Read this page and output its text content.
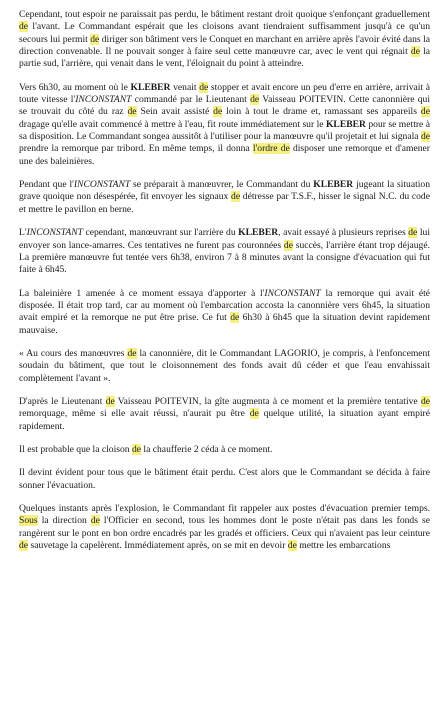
Cependant, tout espoir ne paraissait pas perdu, le bâtiment restant droit quoique s'enfonçant graduellement de l'avant. Le Commandant espérait que les cloisons avant tiendraient suffisamment jusqu'à ce qu'un secours lui permit de diriger son bâtiment vers le Conquet en marchant en arrière après l'avoir évité dans la direction convenable. Il ne pouvait songer à faire seul cette manœuvre car, avec le vent qui régnait de la partie sud, l'arrière, qui venait dans le vent, l'éloignait du point à atteindre.

Vers 6h30, au moment où le KLEBER venait de stopper et avait encore un peu d'erre en arrière, arrivait à toute vitesse l'INCONSTANT commandé par le Lieutenant de Vaisseau POITEVIN. Cette canonnière qui se trouvait du côté du raz de Sein avait assisté de loin à tout le drame et, ramassant ses appareils de dragage qu'elle avait commencé à mettre à l'eau, fit route immédiatement sur le KLEBER pour se mettre à sa disposition. Le Commandant songea aussitôt à l'utiliser pour la manœuvre qu'il projetait et lui signala de prendre la remorque par tribord. En même temps, il donna l'ordre de disposer une remorque et d'amener une des baleinières.

Pendant que l'INCONSTANT se préparait à manœuvrer, le Commandant du KLEBER jugeant la situation grave quoique non désespérée, fit envoyer les signaux de détresse par T.S.F., hisser le signal N.C. du code et mettre le pavillon en berne.

L'INCONSTANT cependant, manœuvrant sur l'arrière du KLEBER, avait essayé à plusieurs reprises de lui envoyer son lance-amarres. Ces tentatives ne furent pas couronnées de succès, l'arrière étant trop déjaugé. La première manœuvre fut tentée vers 6h38, environ 7 à 8 minutes avant la consigne d'évacuation qui fut faite à 6h45.

La baleinière 1 amenée à ce moment essaya d'apporter à l'INCONSTANT la remorque qui avait été disposée. Il était trop tard, car au moment où l'embarcation accosta la canonnière vers 6h45, la situation avait empiré et la remorque ne put être prise. Ce fut de 6h30 à 6h45 que la situation devint rapidement mauvaise.

« Au cours des manœuvres de la canonnière, dit le Commandant LAGORIO, je compris, à l'enfoncement soudain du bâtiment, que tout le cloisonnement des fonds avait dû céder et que l'eau envahissait complètement l'avant ».

D'après le Lieutenant de Vaisseau POITEVIN, la gîte augmenta à ce moment et la première tentative de remorquage, même si elle avait réussi, n'aurait pu être de quelque utilité, la situation ayant empiré rapidement.

Il est probable que la cloison de la chaufferie 2 céda à ce moment.

Il devint évident pour tous que le bâtiment était perdu. C'est alors que le Commandant se décida à faire sonner l'évacuation.

Quelques instants après l'explosion, le Commandant fit rappeler aux postes d'évacuation premier temps. Sous la direction de l'Officier en second, tous les hommes dont le poste n'était pas dans les fonds se rangèrent sur le pont en bon ordre encadrés par les gradés et officiers. Ceux qui n'avaient pas leur ceinture de sauvetage la capelèrent. Immédiatement après, on se mit en devoir de mettre les embarcations
